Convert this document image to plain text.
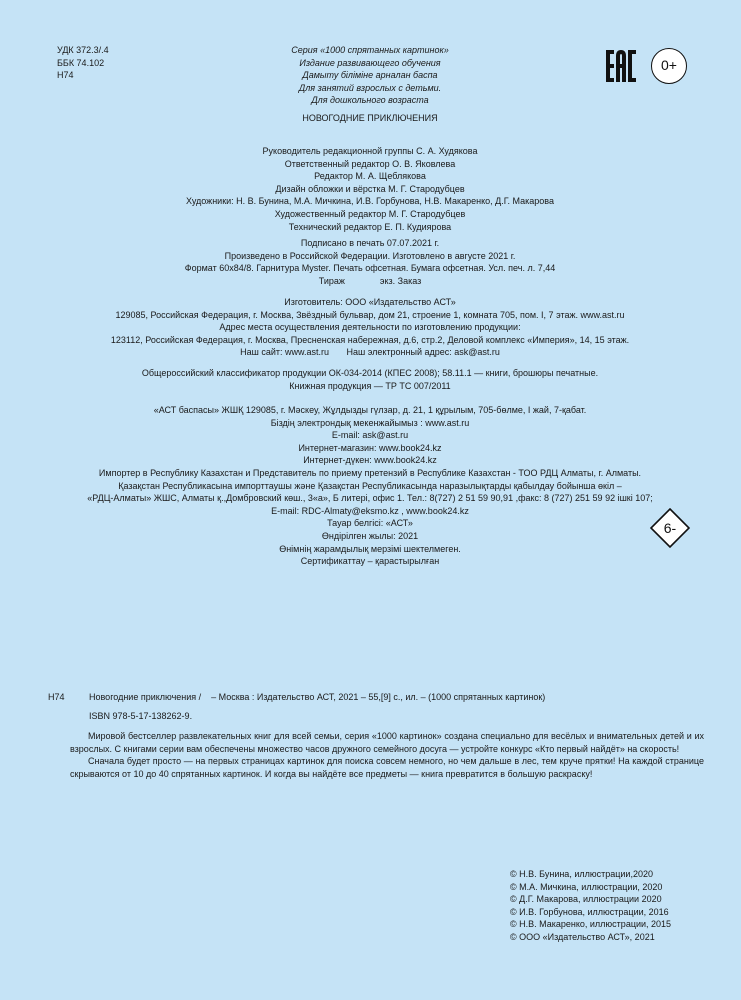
УДК 372.3/.4
ББК 74.102
Н74
Серия «1000 спрятанных картинок»
Издание развивающего обучения
Дамыту біліміне арналан баспа
Для занятий взрослых с детьми.
Для дошкольного возраста
0+
НОВОГОДНИЕ ПРИКЛЮЧЕНИЯ
Руководитель редакционной группы С. А. Худякова
Ответственный редактор О. В. Яковлева
Редактор М. А. Щеблякова
Дизайн обложки и вёрстка М. Г. Стародубцев
Художники: Н. В. Бунина, М.А. Мичкина, И.В. Горбунова, Н.В. Макаренко, Д.Г. Макарова
Художественный редактор М. Г. Стародубцев
Технический редактор Е. П. Кудиярова
Подписано в печать 07.07.2021 г.
Произведено в Российской Федерации. Изготовлено в августе 2021 г.
Формат 60x84/8. Гарнитура Myster. Печать офсетная. Бумага офсетная. Усл. печ. л. 7,44
Тираж              экз. Заказ
Изготовитель: ООО «Издательство АСТ»
129085, Российская Федерация, г. Москва, Звёздный бульвар, дом 21, строение 1, комната 705, пом. I, 7 этаж. www.ast.ru
Адрес места осуществления деятельности по изготовлению продукции:
123112, Российская Федерация, г. Москва, Пресненская набережная, д.6, стр.2, Деловой комплекс «Империя», 14, 15 этаж.
Наш сайт: www.ast.ru       Наш электронный адрес: ask@ast.ru
Общероссийский классификатор продукции ОК-034-2014 (КПЕС 2008); 58.11.1 — книги, брошюры печатные.
Книжная продукция — ТР ТС 007/2011
«АСТ баспасы» ЖШҚ 129085, г. Мәскеу, Жұлдызды гүлзар, д. 21, 1 құрылым, 705-бөлме, I жай, 7-қабат.
Біздің электрондық мекенжайымыз : www.ast.ru
E-mail: ask@ast.ru
Интернет-магазин: www.book24.kz
Интернет-дүкен: www.book24.kz
Импортер в Республику Казахстан и Представитель по приему претензий в Республике Казахстан - ТОО РДЦ Алматы, г. Алматы.
Қазақстан Республикасына импорттаушы және Қазақстан Республикасында наразылықтарды қабылдау бойынша өкіл –
«РДЦ-Алматы» ЖШС, Алматы қ.,Домбровский көш., 3«а», Б литері, офис 1. Тел.: 8(727) 2 51 59 90,91 ,факс: 8 (727) 251 59 92 ішкі 107;
E-mail: RDC-Almaty@eksmo.kz , www.book24.kz
Тауар белгісі: «АСТ»
Өндірілген жылы: 2021
Өнімнің жарамдылық мерзімі шектелмеген.
Сертификаттау – қарастырылған
6-
Н74	Новогодние приключения /    – Москва : Издательство АСТ, 2021 – 55,[9] с., ил. – (1000 спрятанных картинок)
ISBN 978-5-17-138262-9.

Мировой бестселлер развлекательных книг для всей семьи, серия «1000 картинок» создана специально для весёлых и внимательных детей и их взрослых. С книгами серии вам обеспечены множество часов дружного семейного досуга — устройте конкурс «Кто первый найдёт» на скорость!

Сначала будет просто — на первых страницах картинок для поиска совсем немного, но чем дальше в лес, тем круче прятки! На каждой странице скрываются от 10 до 40 спрятанных картинок. И когда вы найдёте все предметы — книга превратится в большую раскраску!

© Н.В. Бунина, иллюстрации,2020
© М.А. Мичкина, иллюстрации, 2020
© Д.Г. Макарова, иллюстрации 2020
© И.В. Горбунова, иллюстрации, 2016
© Н.В. Макаренко, иллюстрации, 2015
© ООО «Издательство АСТ», 2021
